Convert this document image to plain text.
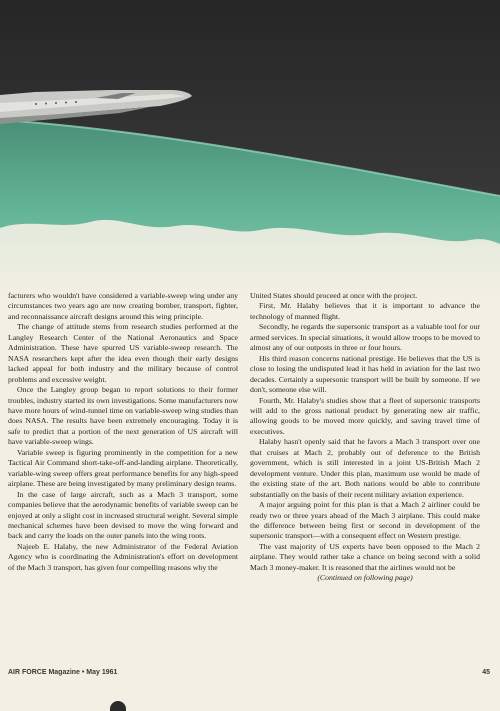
facturers who wouldn't have considered a variable-sweep wing under any circumstances two years ago are now creating bomber, transport, fighter, and reconnaissance aircraft designs around this wing principle.

The change of attitude stems from research studies performed at the Langley Research Center of the National Aeronautics and Space Administration. These have spurred US variable-sweep research. The NASA researchers kept after the idea even though their early designs lacked appeal for both industry and the military because of control problems and excessive weight.

Once the Langley group began to report solutions to their former troubles, industry started its own investigations. Some manufacturers now have more hours of wind-tunnel time on variable-sweep wing studies than does NASA. The results have been extremely encouraging. Today it is safe to predict that a portion of the next generation of US aircraft will have variable-sweep wings.

Variable sweep is figuring prominently in the competition for a new Tactical Air Command short-take-off-and-landing airplane. Theoretically, variable-wing sweep offers great performance benefits for any high-speed airplane. These are being investigated by many preliminary design teams.

In the case of large aircraft, such as a Mach 3 transport, some companies believe that the aerodynamic benefits of variable sweep can be enjoyed at only a slight cost in increased structural weight. Several simple mechanical schemes have been devised to move the wing forward and back and carry the loads on the outer panels into the wing roots.

Najeeb E. Halaby, the new Administrator of the Federal Aviation Agency who is coordinating the Administration's effort on development of the Mach 3 transport, has given four compelling reasons why the

United States should proceed at once with the project.

First, Mr. Halaby believes that it is important to advance the technology of manned flight.

Secondly, he regards the supersonic transport as a valuable tool for our armed services. In special situations, it would allow troops to be moved to almost any of our outposts in three or four hours.

His third reason concerns national prestige. He believes that the US is close to losing the undisputed lead it has held in aviation for the last two decades. Certainly a supersonic transport will be built by someone. If we don't, someone else will.

Fourth, Mr. Halaby's studies show that a fleet of supersonic transports will add to the gross national product by generating new air traffic, allowing goods to be moved more quickly, and saving travel time of executives.

Halaby hasn't openly said that he favors a Mach 3 transport over one that cruises at Mach 2, probably out of deference to the British government, which is still interested in a joint US-British Mach 2 development venture. Under this plan, maximum use would be made of the existing state of the art. Both nations would be able to contribute substantially on the basis of their recent military aviation experience.

A major arguing point for this plan is that a Mach 2 airliner could be ready two or three years ahead of the Mach 3 airplane. This could make the difference between being first or second in development of the supersonic transport—with a consequent effect on Western prestige.

The vast majority of US experts have been opposed to the Mach 2 airplane. They would rather take a chance on being second with a solid Mach 3 money-maker. It is reasoned that the airlines would not be

(Continued on following page)

AIR FORCE Magazine • May 1961	45
